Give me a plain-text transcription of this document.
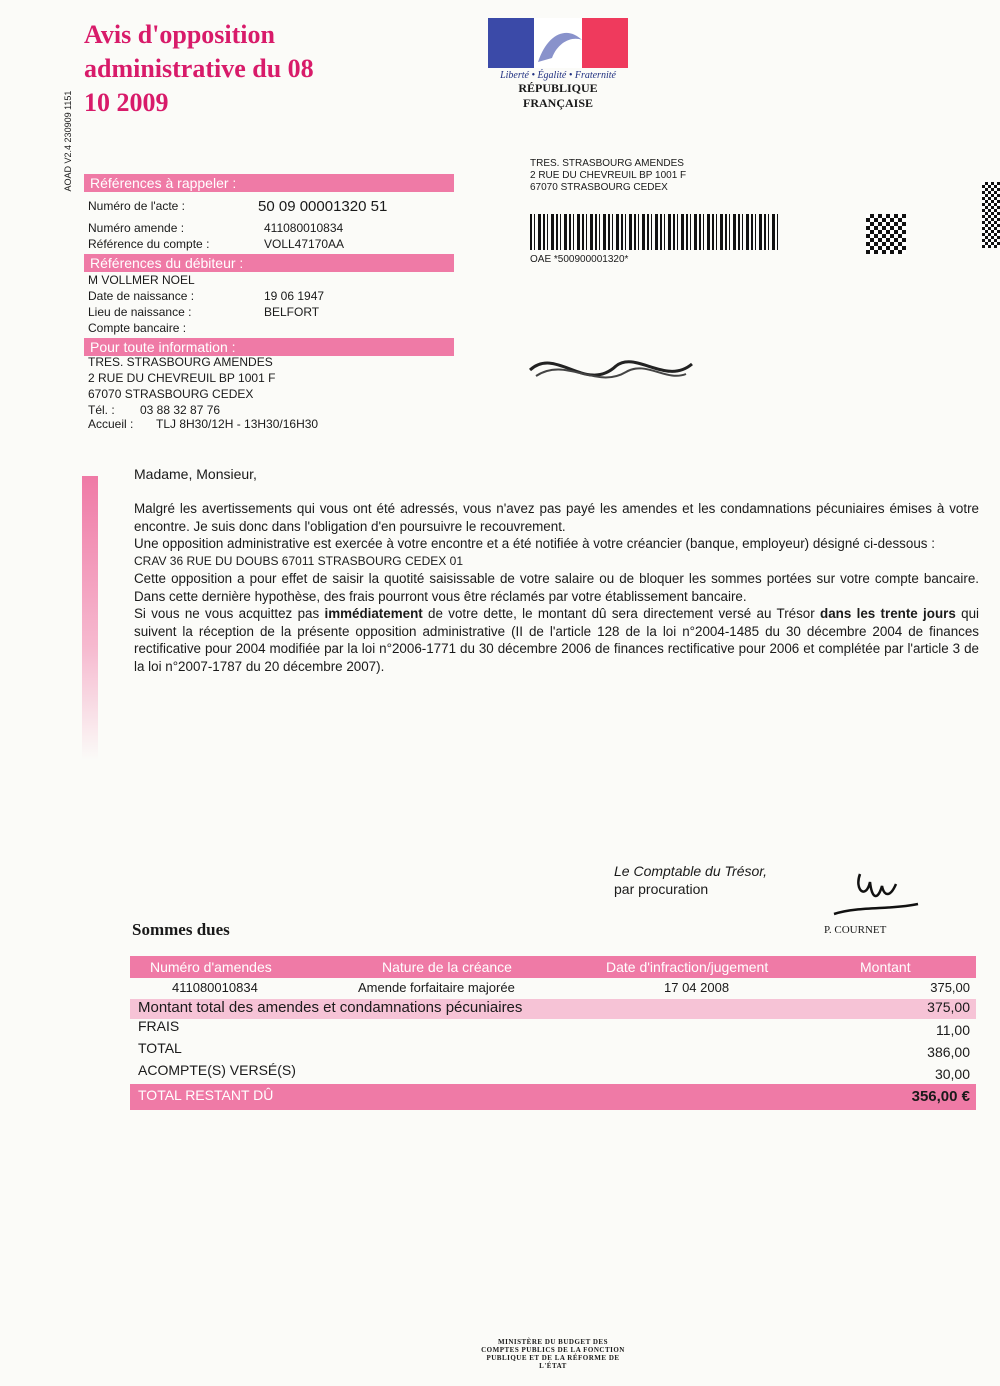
Avis d'opposition administrative du 08 10 2009
AOAD V2.4 230909 1151
Liberté • Égalité • Fraternité
RÉPUBLIQUE FRANÇAISE
TRES. STRASBOURG AMENDES
2 RUE DU CHEVREUIL BP 1001 F
67070 STRASBOURG CEDEX
OAE *500900001320*
Références à rappeler :
Numéro de l'acte :	50 09 00001320 51
Numéro amende :	411080010834
Référence du compte :	VOLL47170AA
Références du débiteur :
M VOLLMER NOEL
Date de naissance :	19 06 1947
Lieu de naissance :	BELFORT
Compte bancaire :
Pour toute information :
TRES. STRASBOURG AMENDES
2 RUE DU CHEVREUIL BP 1001 F
67070 STRASBOURG CEDEX
Tél. : 03 88 32 87 76
Accueil : TLJ 8H30/12H - 13H30/16H30
Madame, Monsieur,

Malgré les avertissements qui vous ont été adressés, vous n'avez pas payé les amendes et les condamnations pécuniaires émises à votre encontre. Je suis donc dans l'obligation d'en poursuivre le recouvrement.

Une opposition administrative est exercée à votre encontre et a été notifiée à votre créancier (banque, employeur) désigné ci-dessous :

CRAV 36 RUE DU DOUBS 67011 STRASBOURG CEDEX 01

Cette opposition a pour effet de saisir la quotité saisissable de votre salaire ou de bloquer les sommes portées sur votre compte bancaire. Dans cette dernière hypothèse, des frais pourront vous être réclamés par votre établissement bancaire.

Si vous ne vous acquittez pas immédiatement de votre dette, le montant dû sera directement versé au Trésor dans les trente jours qui suivent la réception de la présente opposition administrative (II de l'article 128 de la loi n°2004-1485 du 30 décembre 2004 de finances rectificative pour 2004 modifiée par la loi n°2006-1771 du 30 décembre 2006 de finances rectificative pour 2006 et complétée par l'article 3 de la loi n°2007-1787 du 20 décembre 2007).

Le Comptable du Trésor,
par procuration
P. COURNET
Sommes dues
Numéro d'amendes	Nature de la créance	Date d'infraction/jugement	Montant
411080010834	Amende forfaitaire majorée	17 04 2008	375,00
Montant total des amendes et condamnations pécuniaires	375,00
FRAIS	11,00
TOTAL	386,00
ACOMPTE(S) VERSÉ(S)	30,00
TOTAL RESTANT DÛ	356,00 €
MINISTÈRE DU BUDGET DES COMPTES PUBLICS DE LA FONCTION PUBLIQUE ET DE LA RÉFORME DE L'ÉTAT
